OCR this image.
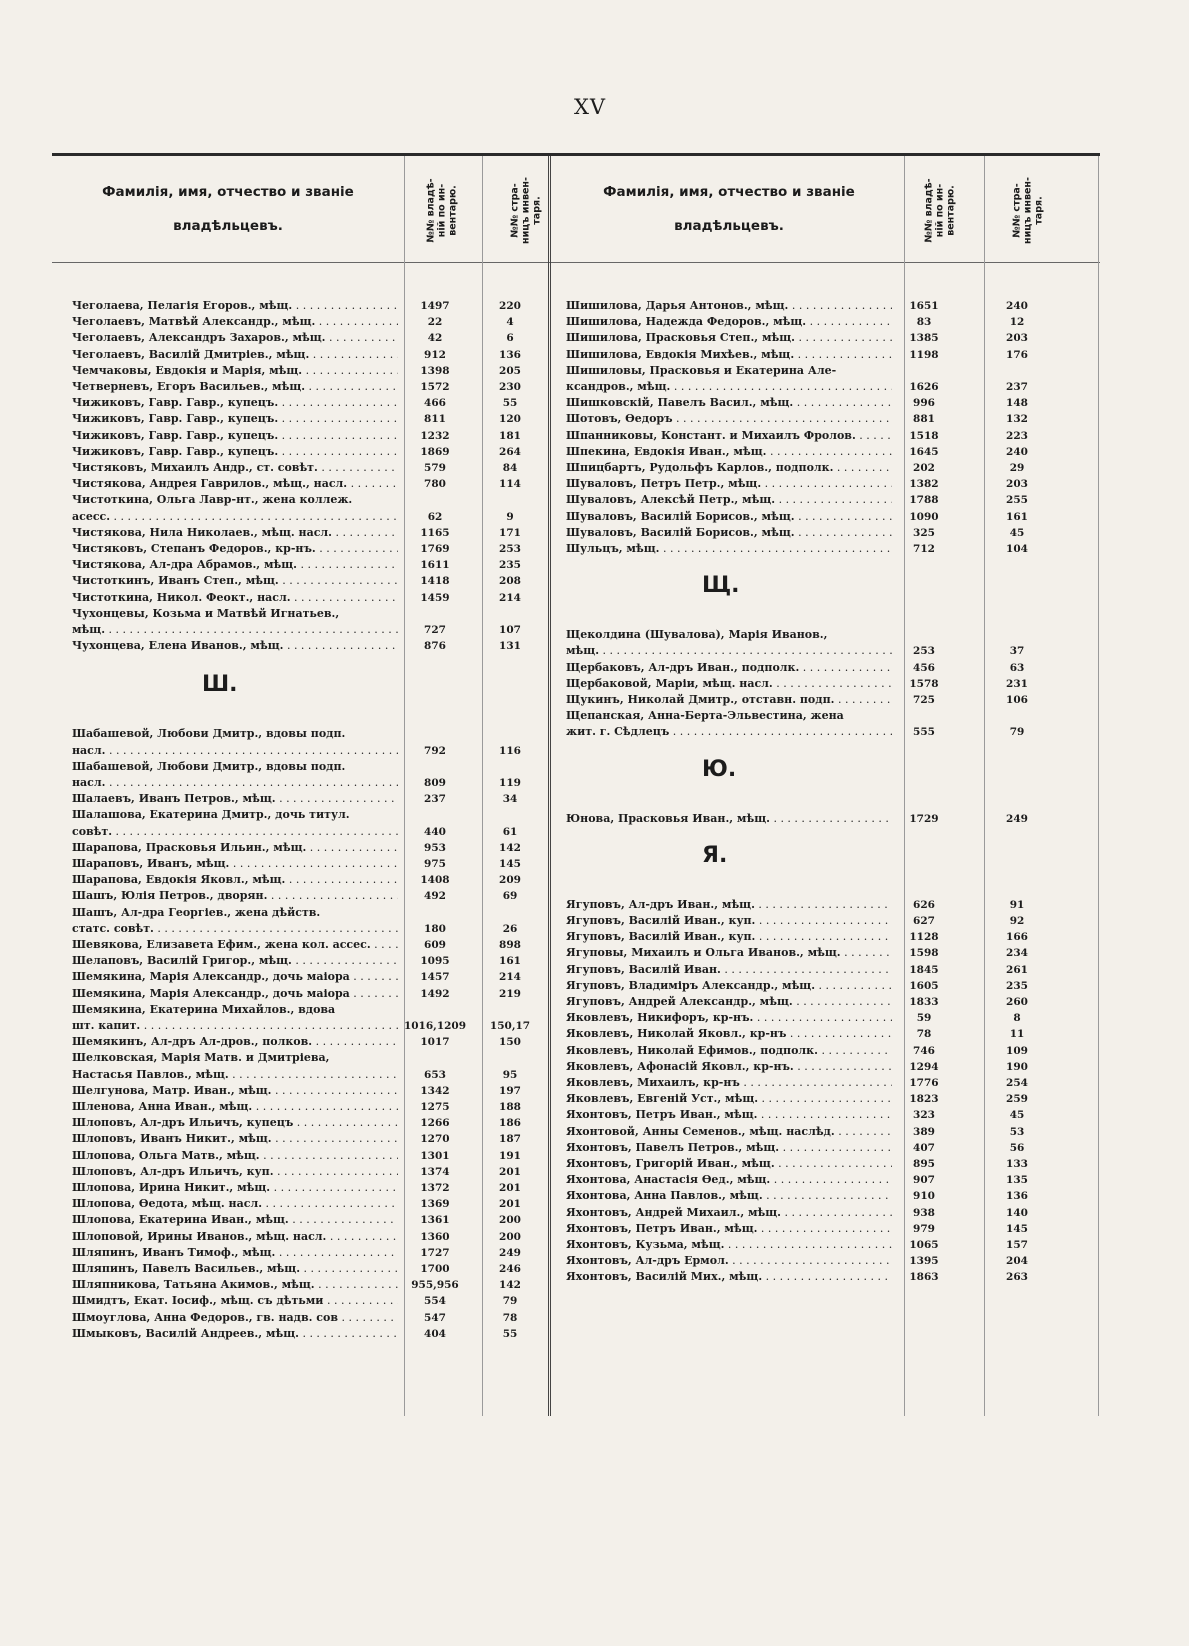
XV
Фамилія, имя, отчество и званіе
владѣльцевъ.	№№ владѣ-ній по ин-вентарю.	№№ стра-ницъ инвен-таря.
Фамилія, имя, отчество и званіе
владѣльцевъ.	№№ владѣ-ній по ин-вентарю.	№№ стра-ницъ инвен-таря.
Чеголаева, Пелагія Егоров., мѣщ. . . .	1497	220
Чеголаевъ, Матвѣй Александр., мѣщ. . . .	22	4
Чеголаевъ, Александръ Захаров., мѣщ. . . .	42	6
Чеголаевъ, Василій Дмитріев., мѣщ. . . .	912	136
Чемчаковы, Евдокія и Марія, мѣщ. . . .	1398	205
Четверневъ, Егоръ Васильев., мѣщ. . . .	1572	230
Чижиковъ, Гавр. Гавр., купецъ. . . .	466	55
Чижиковъ, Гавр. Гавр., купецъ. . . .	811	120
Чижиковъ, Гавр. Гавр., купецъ. . . .	1232	181
Чижиковъ, Гавр. Гавр., купецъ. . . .	1869	264
Чистяковъ, Михаилъ Андр., ст. совѣт. . . .	579	84
Чистякова, Андрея Гаврилов., мѣщ., насл. . . .	780	114
Чистоткина, Ольга Лавр-нт., жена коллеж.
асесс. . . .	62	9
Чистякова, Нила Николаев., мѣщ. насл. . . .	1165	171
Чистяковъ, Степанъ Федоров., кр-нъ. . . .	1769	253
Чистякова, Ал-дра Абрамов., мѣщ. . . .	1611	235
Чистоткинъ, Иванъ Степ., мѣщ. . . .	1418	208
Чистоткина, Никол. Феокт., насл. . . .	1459	214
Чухонцевы, Козьма и Матвѣй Игнатьев.,
мѣщ. . . .	727	107
Чухонцева, Елена Иванов., мѣщ. . . .	876	131
Ш.
Шабашевой, Любови Дмитр., вдовы подп.
насл. . . .	792	116
Шабашевой, Любови Дмитр., вдовы подп.
насл. . . .	809	119
Шалаевъ, Иванъ Петров., мѣщ. . . .	237	34
Шалашова, Екатерина Дмитр., дочь титул.
совѣт. . . .	440	61
Шарапова, Прасковья Ильин., мѣщ. . . .	953	142
Шараповъ, Иванъ, мѣщ. . . .	975	145
Шарапова, Евдокія Яковл., мѣщ. . . .	1408	209
Шашъ, Юлія Петров., дворян. . . .	492	69
Шашъ, Ал-дра Георгіев., жена дѣйств.
статс. совѣт. . . .	180	26
Шевякова, Елизавета Ефим., жена кол. ассес. . . .	609	898
Шелаповъ, Василій Григор., мѣщ. . . .	1095	161
Шемякина, Марія Александр., дочь маіора . . .	1457	214
Шемякина, Марія Александр., дочь маіора . . .	1492	219
Шемякина, Екатерина Михайлов., вдова
шт. капит. . . .	1016,1209	150,17
Шемякинъ, Ал-дръ Ал-дров., полков. . . .	1017	150
Шелковская, Марія Матв. и Дмитріева,
Настасья Павлов., мѣщ. . . .	653	95
Шелгунова, Матр. Иван., мѣщ. . . .	1342	197
Шленова, Анна Иван., мѣщ. . . .	1275	188
Шлоповъ, Ал-дръ Ильичъ, купецъ . . .	1266	186
Шлоповъ, Иванъ Никит., мѣщ. . . .	1270	187
Шлопова, Ольга Матв., мѣщ. . . .	1301	191
Шлоповъ, Ал-дръ Ильичъ, куп. . . .	1374	201
Шлопова, Ирина Никит., мѣщ. . . .	1372	201
Шлопова, Өедота, мѣщ. насл. . . .	1369	201
Шлопова, Екатерина Иван., мѣщ. . . .	1361	200
Шлоповой, Ирины Иванов., мѣщ. насл. . . .	1360	200
Шляпинъ, Иванъ Тимоф., мѣщ. . . .	1727	249
Шляпинъ, Павелъ Васильев., мѣщ. . . .	1700	246
Шляпникова, Татьяна Акимов., мѣщ. . . .	955,956	142
Шмидтъ, Екат. Іосиф., мѣщ. съ дѣтьми . . .	554	79
Шмоуглова, Анна Федоров., гв. надв. сов . . .	547	78
Шмыковъ, Василій Андреев., мѣщ. . . .	404	55
Шишилова, Дарья Антонов., мѣщ. . . .	1651	240
Шишилова, Надежда Федоров., мѣщ. . . .	83	12
Шишилова, Прасковья Степ., мѣщ. . . .	1385	203
Шишилова, Евдокія Михѣев., мѣщ. . . .	1198	176
Шишиловы, Прасковья и Екатерина Але-
ксандров., мѣщ. . . .	1626	237
Шишковскій, Павелъ Васил., мѣщ. . . .	996	148
Шотовъ, Өедоръ . . .	881	132
Шпанниковы, Констант. и Михаилъ Фролов. . . .	1518	223
Шпекина, Евдокія Иван., мѣщ. . . .	1645	240
Шпицбартъ, Рудольфъ Карлов., подполк. . . .	202	29
Шуваловъ, Петръ Петр., мѣщ. . . .	1382	203
Шуваловъ, Алексѣй Петр., мѣщ. . . .	1788	255
Шуваловъ, Василій Борисов., мѣщ. . . .	1090	161
Шуваловъ, Василій Борисов., мѣщ. . . .	325	45
Шульцъ, мѣщ. . . .	712	104
Щ.
Щеколдина (Шувалова), Марія Иванов.,
мѣщ. . . .	253	37
Щербаковъ, Ал-дръ Иван., подполк. . . .	456	63
Щербаковой, Маріи, мѣщ. насл. . . .	1578	231
Щукинъ, Николай Дмитр., отставн. подп. . . .	725	106
Щепанская, Анна-Берта-Эльвестина, жена
жит. г. Сѣдлецъ . . .	555	79
Ю.
Юнова, Прасковья Иван., мѣщ. . . .	1729	249
Я.
Ягуповъ, Ал-дръ Иван., мѣщ. . . .	626	91
Ягуповъ, Василій Иван., куп. . . .	627	92
Ягуповъ, Василій Иван., куп. . . .	1128	166
Ягуповы, Михаилъ и Ольга Иванов., мѣщ. . . .	1598	234
Ягуповъ, Василій Иван. . . .	1845	261
Ягуповъ, Владиміръ Александр., мѣщ. . . .	1605	235
Ягуповъ, Андрей Александр., мѣщ. . . .	1833	260
Яковлевъ, Никифоръ, кр-нъ. . . .	59	8
Яковлевъ, Николай Яковл., кр-нъ . . .	78	11
Яковлевъ, Николай Ефимов., подполк. . . .	746	109
Яковлевъ, Афонасій Яковл., кр-нъ. . . .	1294	190
Яковлевъ, Михаилъ, кр-нъ . . .	1776	254
Яковлевъ, Евгеній Уст., мѣщ. . . .	1823	259
Яхонтовъ, Петръ Иван., мѣщ. . . .	323	45
Яхонтовой, Анны Семенов., мѣщ. наслѣд. . . .	389	53
Яхонтовъ, Павелъ Петров., мѣщ. . . .	407	56
Яхонтовъ, Григорій Иван., мѣщ. . . .	895	133
Яхонтова, Анастасія Өед., мѣщ. . . .	907	135
Яхонтова, Анна Павлов., мѣщ. . . .	910	136
Яхонтовъ, Андрей Михаил., мѣщ. . . .	938	140
Яхонтовъ, Петръ Иван., мѣщ. . . .	979	145
Яхонтовъ, Кузьма, мѣщ. . . .	1065	157
Яхонтовъ, Ал-дръ Ермол. . . .	1395	204
Яхонтовъ, Василій Мих., мѣщ. . . .	1863	263
